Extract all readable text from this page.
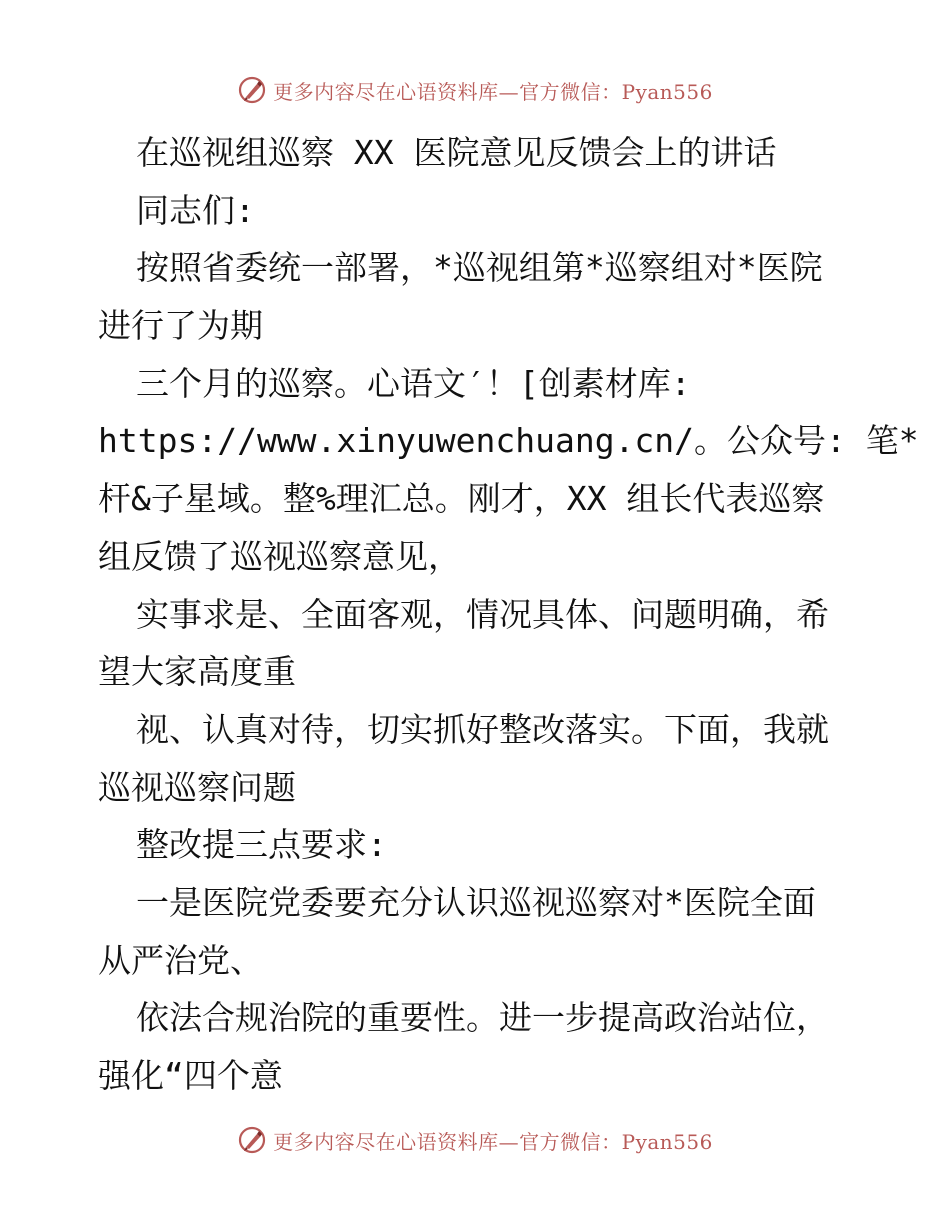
更多内容尽在心语资料库—官方微信：Pyan556
在巡视组巡察 XX 医院意见反馈会上的讲话
同志们:
按照省委统一部署，*巡视组第*巡察组对*医院
进行了为期
三个月的巡察。心语文′！[创素材库:
https://www.xinyuwenchuang.cn/。公众号: 笔*
杆&子星域。整%理汇总。刚才，XX 组长代表巡察
组反馈了巡视巡察意见，
实事求是、全面客观，情况具体、问题明确，希
望大家高度重
视、认真对待，切实抓好整改落实。下面，我就
巡视巡察问题
整改提三点要求:
一是医院党委要充分认识巡视巡察对*医院全面
从严治党、
依法合规治院的重要性。进一步提高政治站位，
强化“四个意
更多内容尽在心语资料库—官方微信：Pyan556
